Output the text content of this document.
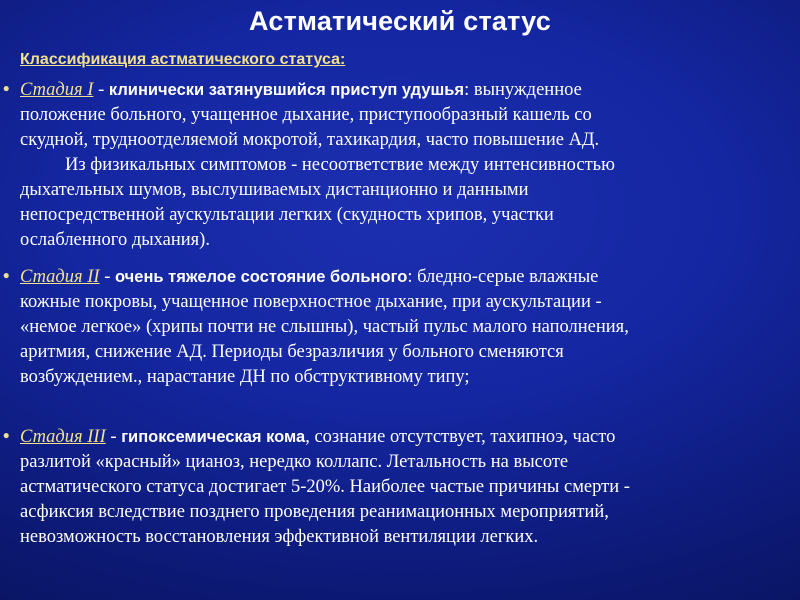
Астматический статус
Классификация астматического статуса:
• Стадия I - клинически затянувшийся приступ удушья: вынужденное
положение больного, учащенное дыхание, приступообразный кашель со
скудной, трудноотделяемой мокротой, тахикардия, часто повышение АД.
Из физикальных симптомов - несоответствие между интенсивностью
дыхательных шумов, выслушиваемых дистанционно и данными
непосредственной аускультации легких (скудность хрипов, участки
ослабленного дыхания).
• Стадия II - очень тяжелое состояние больного: бледно-серые влажные
кожные покровы, учащенное поверхностное дыхание, при аускультации -
«немое легкое» (хрипы почти не слышны), частый пульс малого наполнения,
аритмия, снижение АД. Периоды безразличия у больного сменяются
возбуждением., нарастание ДН по обструктивному типу;
• Стадия III - гипоксемическая кома, сознание отсутствует, тахипноэ, часто
разлитой «красный» цианоз, нередко коллапс. Летальность на высоте
астматического статуса достигает 5-20%. Наиболее частые причины смерти -
асфиксия вследствие позднего проведения реанимационных мероприятий,
невозможность восстановления эффективной вентиляции легких.
